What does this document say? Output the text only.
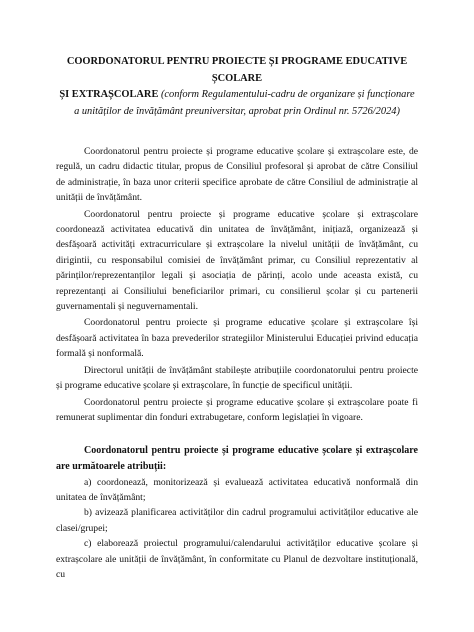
COORDONATORUL PENTRU PROIECTE ȘI PROGRAME EDUCATIVE ȘCOLARE
ȘI EXTRAȘCOLARE (conform Regulamentului-cadru de organizare și funcționare a unităților de învățământ preuniversitar, aprobat prin Ordinul nr. 5726/2024)

Coordonatorul pentru proiecte și programe educative școlare și extrașcolare este, de regulă, un cadru didactic titular, propus de Consiliul profesoral și aprobat de către Consiliul de administrație, în baza unor criterii specifice aprobate de către Consiliul de administrație al unității de învățământ.

Coordonatorul pentru proiecte și programe educative școlare și extrașcolare coordonează activitatea educativă din unitatea de învățământ, inițiază, organizează și desfășoară activități extracurriculare și extrașcolare la nivelul unității de învățământ, cu dirigintii, cu responsabilul comisiei de învățământ primar, cu Consiliul reprezentativ al părinților/reprezentanților legali și asociația de părinți, acolo unde aceasta există, cu reprezentanți ai Consiliului beneficiarilor primari, cu consilierul școlar și cu partenerii guvernamentali și neguvernamentali.

Coordonatorul pentru proiecte și programe educative școlare și extrașcolare își desfășoară activitatea în baza prevederilor strategiilor Ministerului Educației privind educația formală și nonformală.

Directorul unității de învățământ stabilește atribuțiile coordonatorului pentru proiecte și programe educative școlare și extrașcolare, în funcție de specificul unității.

Coordonatorul pentru proiecte și programe educative școlare și extrașcolare poate fi remunerat suplimentar din fonduri extrabugetare, conform legislației în vigoare.

Coordonatorul pentru proiecte și programe educative școlare și extrașcolare are următoarele atribuții:

a) coordonează, monitorizează și evaluează activitatea educativă nonformală din unitatea de învățământ;

b) avizează planificarea activităților din cadrul programului activităților educative ale clasei/grupei;

c) elaborează proiectul programului/calendarului activităților educative școlare și extrașcolare ale unității de învățământ, în conformitate cu Planul de dezvoltare instituțională, cu
